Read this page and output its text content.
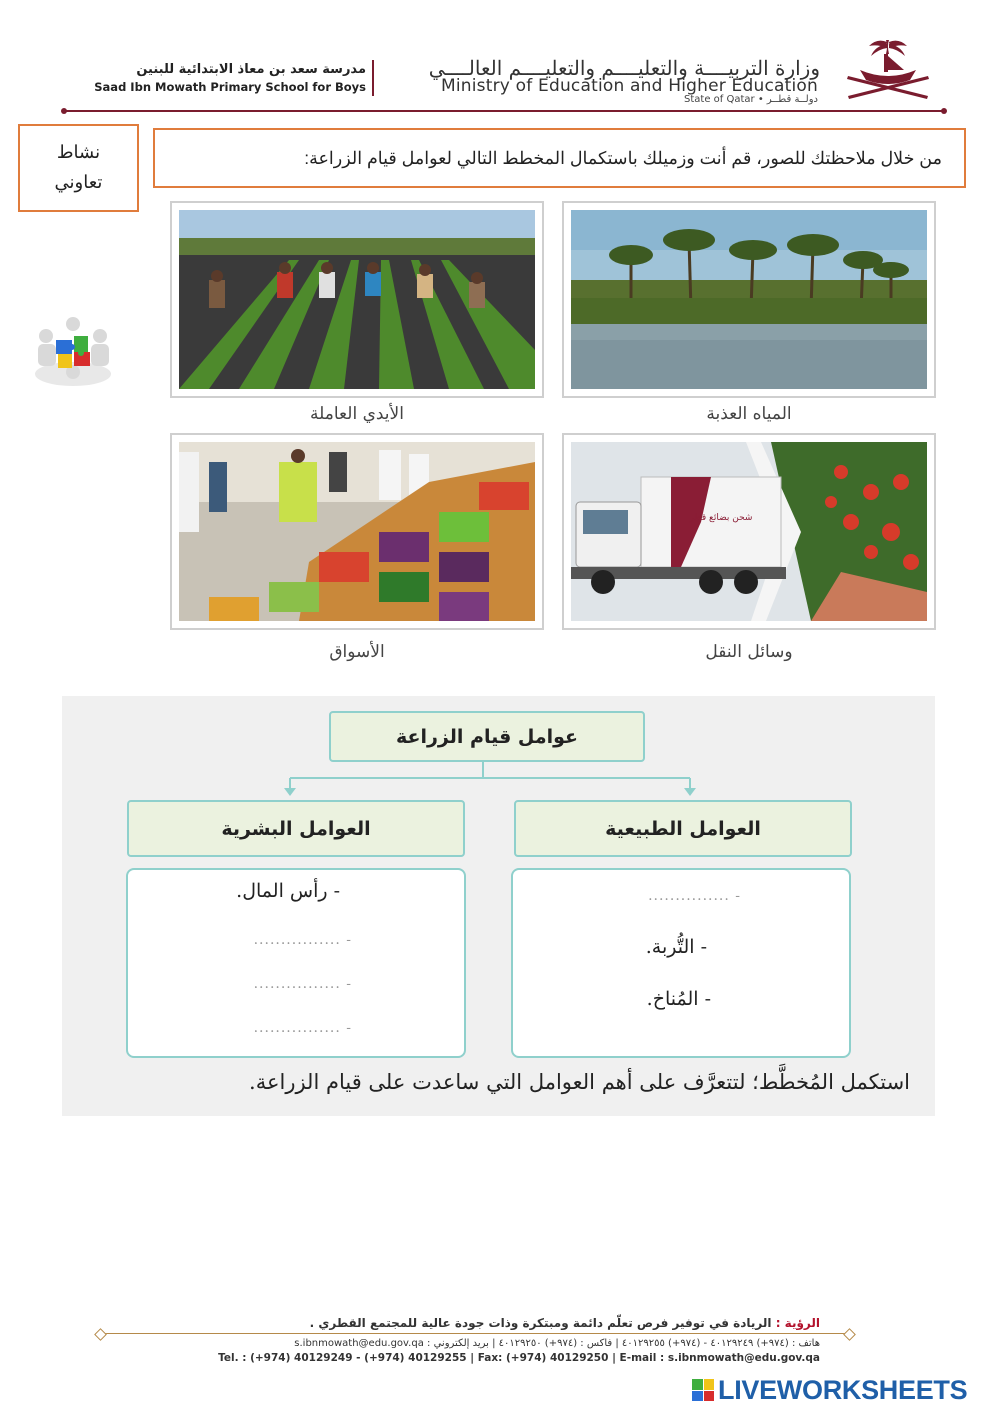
وزارة التربيــــة والتعليــــم والتعليــــم العالــــي
Ministry of Education and Higher Education
State of Qatar • دولــة قطــر
مدرسة سعد بن معاذ الابتدائية للبنين
Saad Ibn Mowath Primary School for Boys
نشاط
تعاوني
من خلال ملاحظتك للصور، قم أنت وزميلك باستكمال المخطط التالي لعوامل قيام الزراعة:
المياه العذبة
الأيدي العاملة
شحن بضائع قطر
وسائل النقل
الأسواق
عوامل قيام الزراعة
العوامل الطبيعية
العوامل البشرية
- ...............
- التُّربة.
- المُناخ.
- رأس المال.
- ................
- ................
- ................
استكمل المُخطَّط؛ لتتعرَّف على أهم العوامل التي ساعدت على قيام الزراعة.
الرؤية : الريادة في توفير فرص تعلّم دائمة ومبتكرة وذات جودة عالية للمجتمع القطري .
هاتف : (٩٧٤+) ٤٠١٢٩٢٤٩ - (٩٧٤+) ٤٠١٢٩٢٥٥ | فاكس : (٩٧٤+) ٤٠١٢٩٢٥٠ | بريد إلكتروني : s.ibnmowath@edu.gov.qa
Tel. : (+974) 40129249 - (+974) 40129255 | Fax: (+974) 40129250 | E-mail : s.ibnmowath@edu.gov.qa
LIVEWORKSHEETS
